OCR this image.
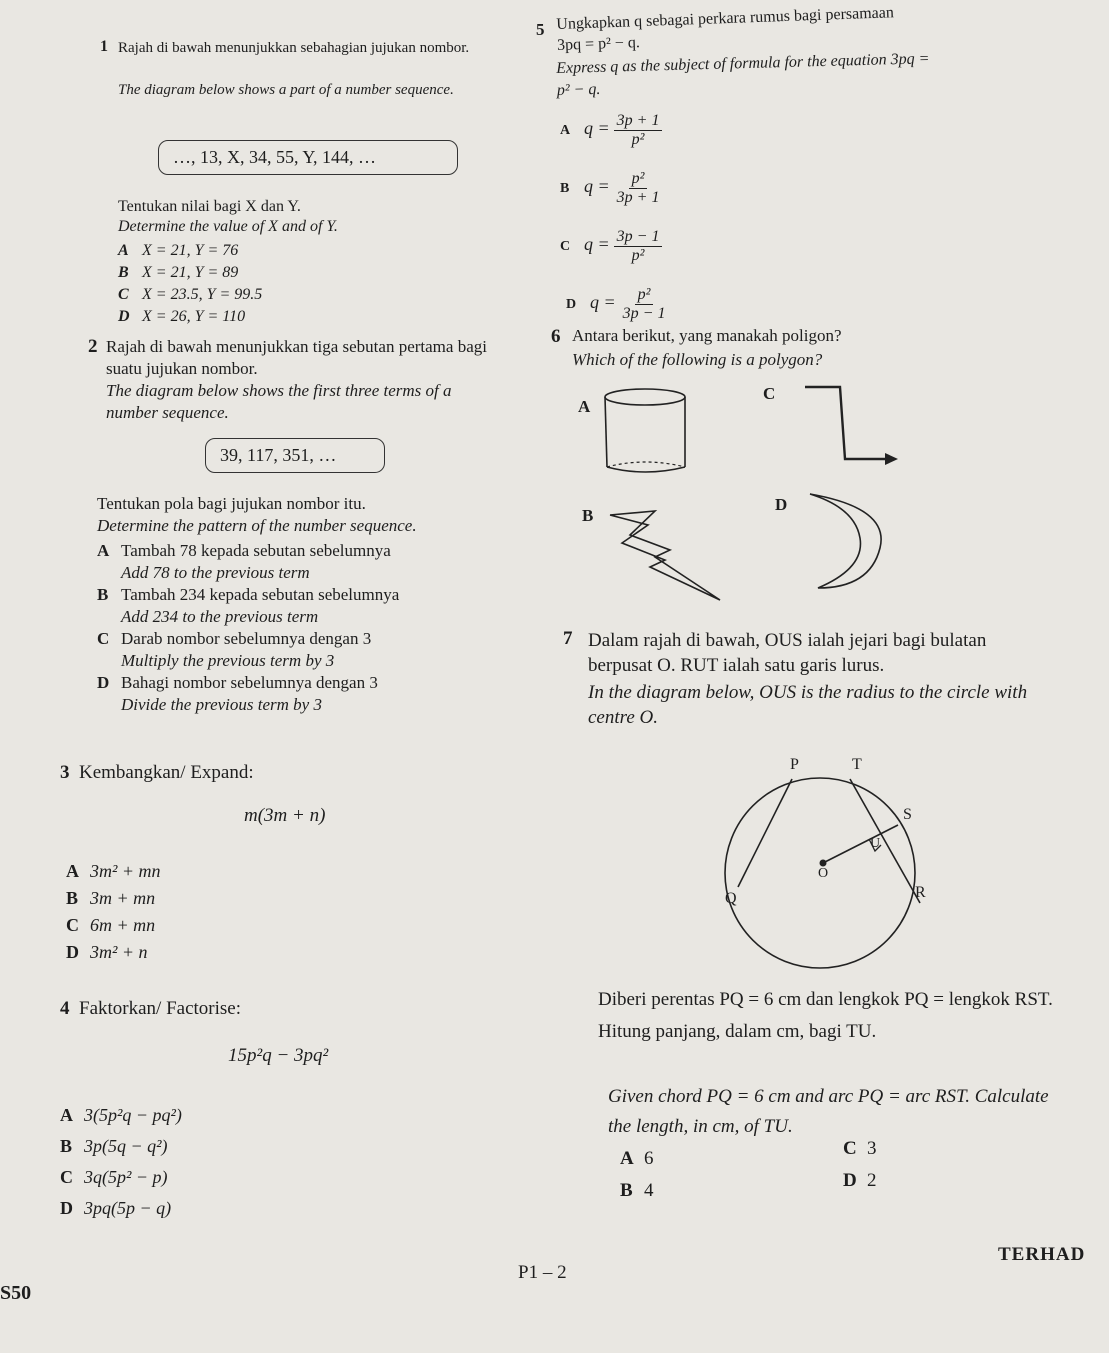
1 Rajah di bawah menunjukkan sebahagian jujukan nombor.
The diagram below shows a part of a number sequence.
…, 13, X, 34, 55, Y, 144, …
Tentukan nilai bagi X dan Y.
Determine the value of X and of Y.
A X = 21, Y = 76
B X = 21, Y = 89
C X = 23.5, Y = 99.5
D X = 26, Y = 110
2 Rajah di bawah menunjukkan tiga sebutan pertama bagi suatu jujukan nombor.
The diagram below shows the first three terms of a number sequence.
39, 117, 351, …
Tentukan pola bagi jujukan nombor itu.
Determine the pattern of the number sequence.
A Tambah 78 kepada sebutan sebelumnya
Add 78 to the previous term
B Tambah 234 kepada sebutan sebelumnya
Add 234 to the previous term
C Darab nombor sebelumnya dengan 3
Multiply the previous term by 3
D Bahagi nombor sebelumnya dengan 3
Divide the previous term by 3
3 Kembangkan/ Expand:
m(3m + n)
A 3m² + mn
B 3m + mn
C 6m + mn
D 3m² + n
4 Faktorkan/ Factorise:
15p²q − 3pq²
A 3(5p²q − pq²)
B 3p(5q − q²)
C 3q(5p² − p)
D 3pq(5p − q)
5 Ungkapkan q sebagai perkara rumus bagi persamaan 3pq = p² − q.
Express q as the subject of formula for the equation 3pq = p² − q.
A $q = \frac{3p + 1}{\text{p²}}$
B $q = \frac{\text{p²}}{3p + 1}$
C $q = \frac{3p - 1}{\text{p²}}$
D $q = \frac{\text{p²}}{3p - 1}$
6 Antara berikut, yang manakah poligon?
Which of the following is a polygon?
A
B
C
D
7 Dalam rajah di bawah, OUS ialah jejari bagi bulatan berpusat O. RUT ialah satu garis lurus.
In the diagram below, OUS is the radius to the circle with centre O.
P	T
S
U
O
Q	R
Diberi perentas PQ = 6 cm dan lengkok PQ = lengkok RST. Hitung panjang, dalam cm, bagi TU.
Given chord PQ = 6 cm and arc PQ = arc RST. Calculate the length, in cm, of TU.
A 6
B 4
C 3
D 2
P1 – 2
TERHAD
S50
